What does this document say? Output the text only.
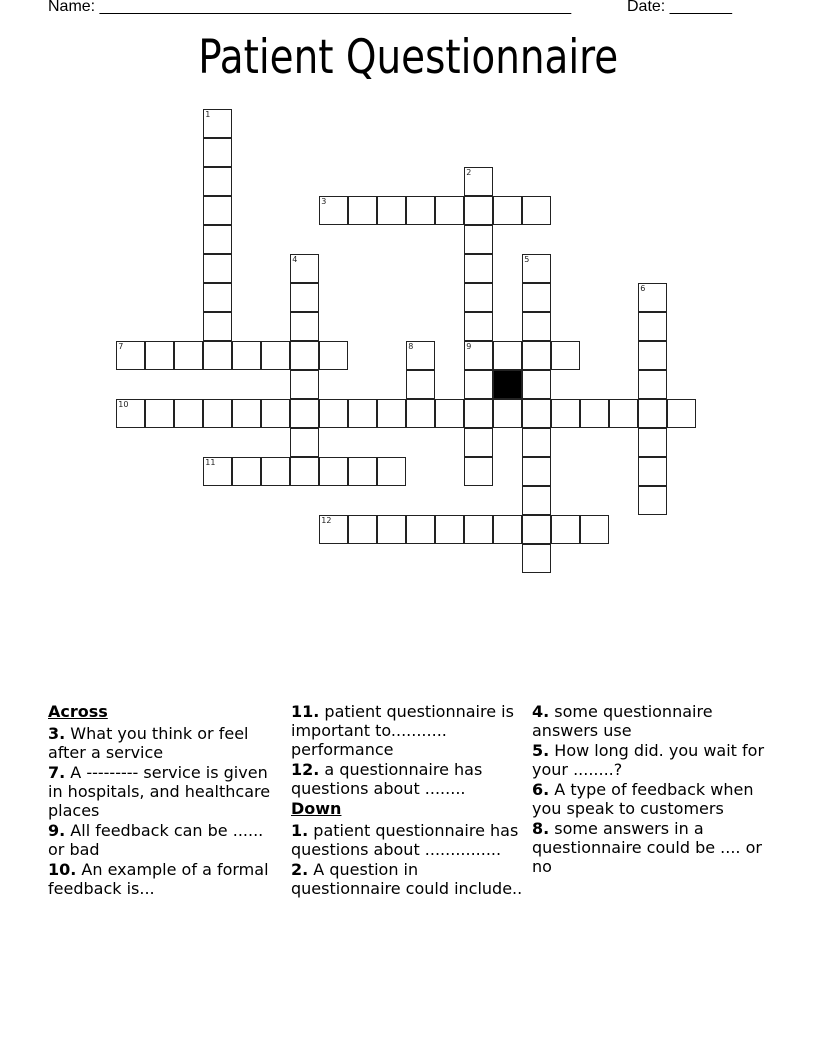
Name: _____________________________________________________	Date: _______
Patient Questionnaire
1
2
9
3
4	5
6
7	8
10
11
12
Across
3. What you think or feel after a service
7. A --------- service is given in hospitals, and healthcare places
9. All feedback can be ...... or bad
10. An example of a formal feedback is...
11. patient questionnaire is important to........... performance
12. a questionnaire has questions about ........
Down
1. patient questionnaire has questions about ...............
2. A question in questionnaire could include..
4. some questionnaire answers use
5. How long did. you wait for your ........?
6. A type of feedback when you speak to customers
8. some answers in a questionnaire could be .... or no
